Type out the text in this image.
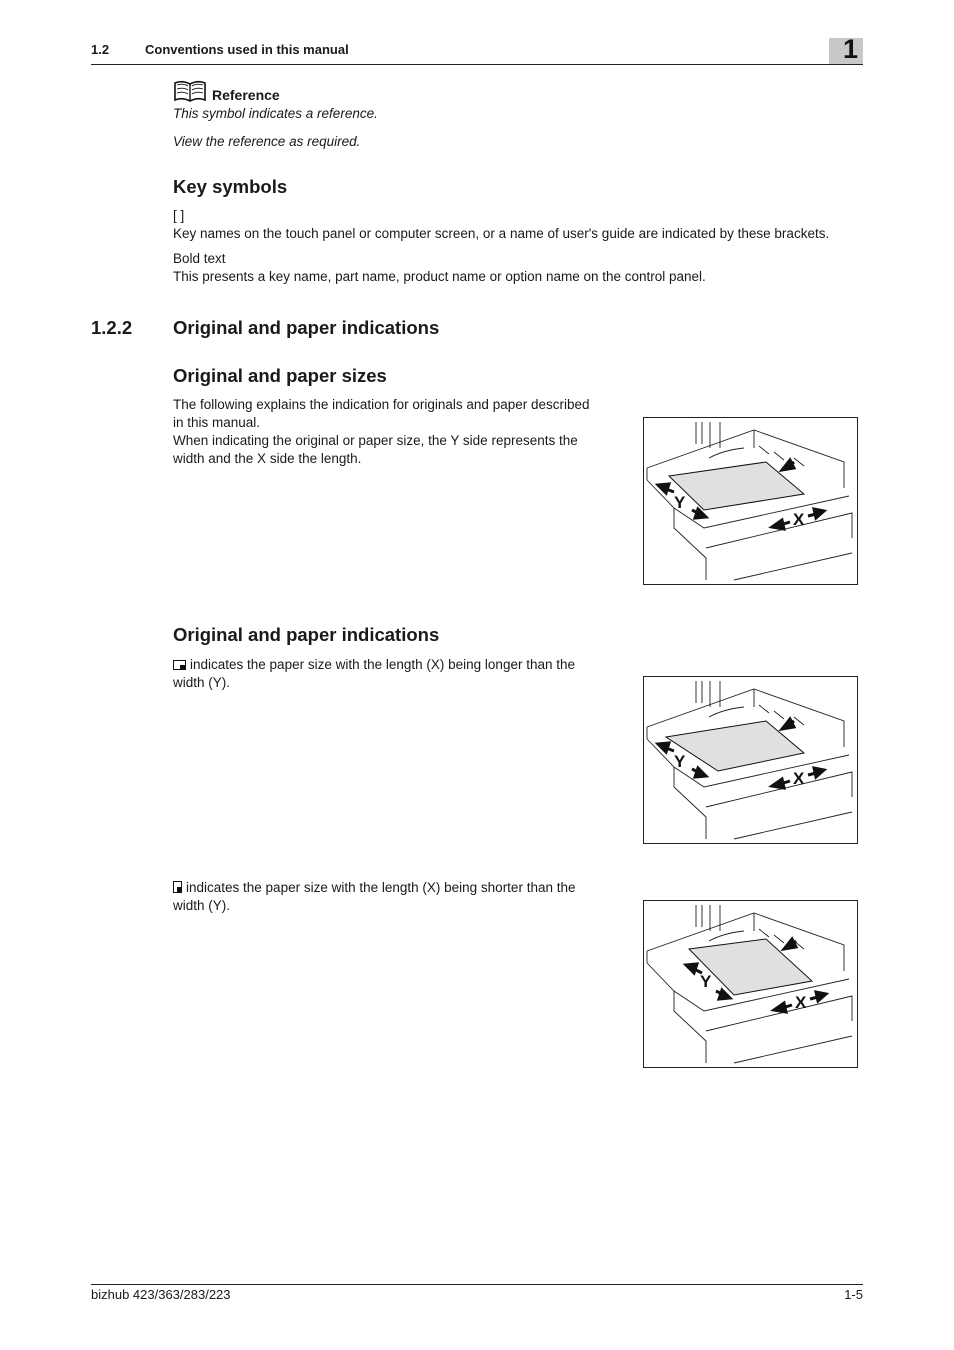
1.2	Conventions used in this manual	1
Reference
This symbol indicates a reference.
View the reference as required.
Key symbols
[ ]
Key names on the touch panel or computer screen, or a name of user's guide are indicated by these brackets.
Bold text
This presents a key name, part name, product name or option name on the control panel.
1.2.2 Original and paper indications
Original and paper sizes
The following explains the indication for originals and paper described
in this manual.
When indicating the original or paper size, the Y side represents the
width and the X side the length.
Y
X
Original and paper indications
indicates the paper size with the length (X) being longer than the
width (Y).
Y
X
indicates the paper size with the length (X) being shorter than the
width (Y).
Y
X
bizhub 423/363/283/223	1-5
